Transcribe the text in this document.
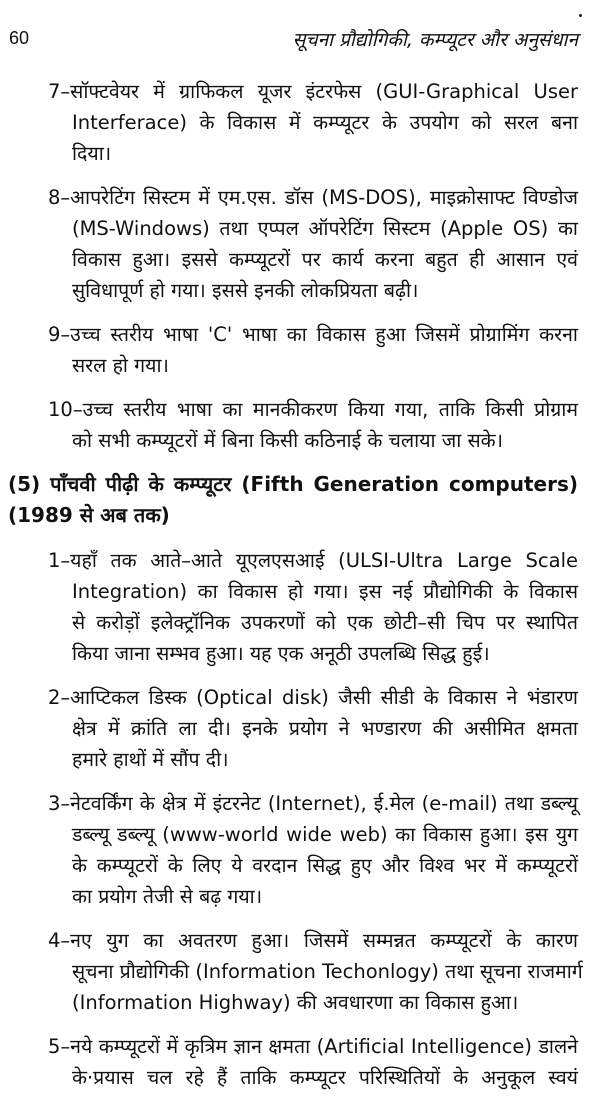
60	सूचना प्रौद्योगिकी, कम्प्यूटर और अनुसंधान
7–सॉफ्टवेयर में ग्राफिकल यूजर इंटरफेस (GUI-Graphical User
Interferace) के विकास में कम्प्यूटर के उपयोग को सरल बना
दिया।
8–आपरेटिंग सिस्टम में एम.एस. डॉस (MS-DOS), माइक्रोसाफ्ट विण्डोज
(MS-Windows) तथा एप्पल ऑपरेटिंग सिस्टम (Apple OS) का
विकास हुआ। इससे कम्प्यूटरों पर कार्य करना बहुत ही आसान एवं
सुविधापूर्ण हो गया। इससे इनकी लोकप्रियता बढ़ी।
9–उच्च स्तरीय भाषा 'C' भाषा का विकास हुआ जिसमें प्रोग्रामिंग करना
सरल हो गया।
10–उच्च स्तरीय भाषा का मानकीकरण किया गया, ताकि किसी प्रोग्राम
को सभी कम्प्यूटरों में बिना किसी कठिनाई के चलाया जा सके।
(5) पाँचवी पीढ़ी के कम्प्यूटर (Fifth Generation computers)
(1989 से अब तक)
1–यहाँ तक आते–आते यूएलएसआई (ULSI-Ultra Large Scale
Integration) का विकास हो गया। इस नई प्रौद्योगिकी के विकास
से करोड़ों इलेक्ट्रॉनिक उपकरणों को एक छोटी–सी चिप पर स्थापित
किया जाना सम्भव हुआ। यह एक अनूठी उपलब्धि सिद्ध हुई।
2–आप्टिकल डिस्क (Optical disk) जैसी सीडी के विकास ने भंडारण
क्षेत्र में क्रांति ला दी। इनके प्रयोग ने भण्डारण की असीमित क्षमता
हमारे हाथों में सौंप दी।
3–नेटवर्किंग के क्षेत्र में इंटरनेट (Internet), ई.मेल (e-mail) तथा डब्ल्यू
डब्ल्यू डब्ल्यू (www-world wide web) का विकास हुआ। इस युग
के कम्प्यूटरों के लिए ये वरदान सिद्ध हुए और विश्व भर में कम्प्यूटरों
का प्रयोग तेजी से बढ़ गया।
4–नए युग का अवतरण हुआ। जिसमें सम्मन्नत कम्प्यूटरों के कारण
सूचना प्रौद्योगिकी (Information Techonlogy) तथा सूचना राजमार्ग
(Information Highway) की अवधारणा का विकास हुआ।
5–नये कम्प्यूटरों में कृत्रिम ज्ञान क्षमता (Artificial Intelligence) डालने
के·प्रयास चल रहे हैं ताकि कम्प्यूटर परिस्थितियों के अनुकूल स्वयं
